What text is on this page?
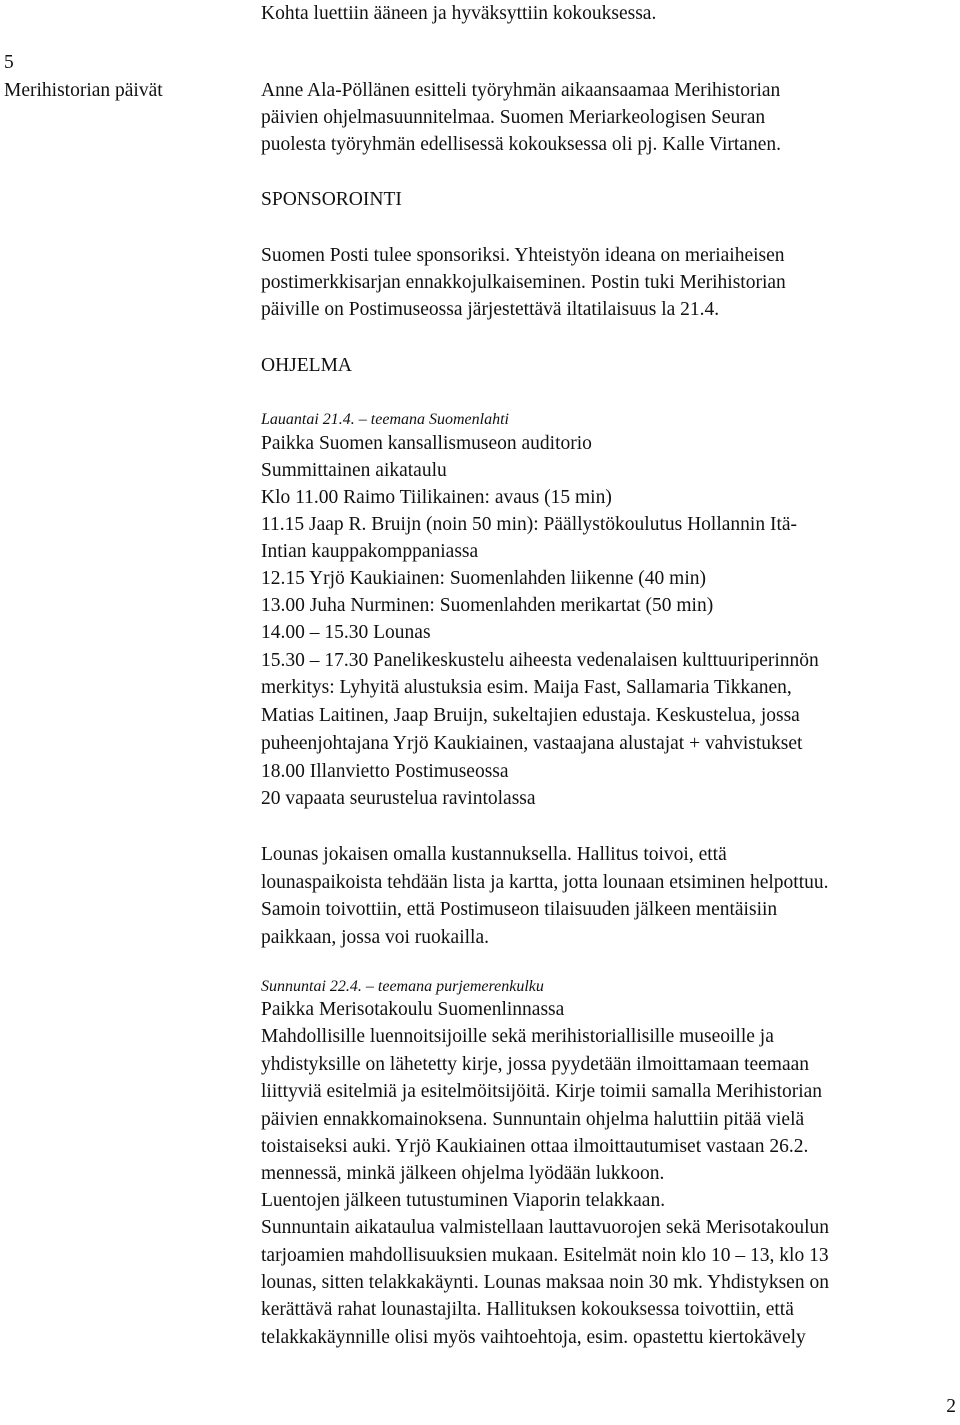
Kohta luettiin ääneen ja hyväksyttiin kokouksessa.
5
Merihistorian päivät	Anne Ala-Pöllänen esitteli työryhmän aikaansaamaa Merihistorian
päivien ohjelmasuunnitelmaa. Suomen Meriarkeologisen Seuran
puolesta työryhmän edellisessä kokouksessa oli pj. Kalle Virtanen.
SPONSOROINTI
Suomen Posti tulee sponsoriksi. Yhteistyön ideana on meriaiheisen
postimerkkisarjan ennakkojulkaiseminen. Postin tuki Merihistorian
päiville on Postimuseossa järjestettävä iltatilaisuus la 21.4.
OHJELMA
Lauantai 21.4. – teemana Suomenlahti
Paikka Suomen kansallismuseon auditorio
Summittainen aikataulu
Klo 11.00 Raimo Tiilikainen: avaus (15 min)
11.15 Jaap R. Bruijn (noin 50 min): Päällystökoulutus Hollannin Itä-
Intian kauppakomppaniassa
12.15 Yrjö Kaukiainen: Suomenlahden liikenne (40 min)
13.00 Juha Nurminen: Suomenlahden merikartat (50 min)
14.00 – 15.30 Lounas
15.30 – 17.30 Panelikeskustelu aiheesta vedenalaisen kulttuuriperinnön
merkitys: Lyhyitä alustuksia esim. Maija Fast, Sallamaria Tikkanen,
Matias Laitinen, Jaap Bruijn, sukeltajien edustaja. Keskustelua, jossa
puheenjohtajana Yrjö Kaukiainen, vastaajana alustajat + vahvistukset
18.00 Illanvietto Postimuseossa
20 vapaata seurustelua ravintolassa
Lounas jokaisen omalla kustannuksella. Hallitus toivoi, että
lounaspaikoista tehdään lista ja kartta, jotta lounaan etsiminen helpottuu.
Samoin toivottiin, että Postimuseon tilaisuuden jälkeen mentäisiin
paikkaan, jossa voi ruokailla.
Sunnuntai 22.4. – teemana purjemerenkulku
Paikka Merisotakoulu Suomenlinnassa
Mahdollisille luennoitsijoille sekä merihistoriallisille museoille ja
yhdistyksille on lähetetty kirje, jossa pyydetään ilmoittamaan teemaan
liittyviä esitelmiä ja esitelmöitsijöitä. Kirje toimii samalla Merihistorian
päivien ennakkomainoksena. Sunnuntain ohjelma haluttiin pitää vielä
toistaiseksi auki. Yrjö Kaukiainen ottaa ilmoittautumiset vastaan 26.2.
mennessä, minkä jälkeen ohjelma lyödään lukkoon.
Luentojen jälkeen tutustuminen Viaporin telakkaan.
Sunnuntain aikataulua valmistellaan lauttavuorojen sekä Merisotakoulun
tarjoamien mahdollisuuksien mukaan. Esitelmät noin klo 10 – 13, klo 13
lounas, sitten telakkakäynti. Lounas maksaa noin 30 mk. Yhdistyksen on
kerättävä rahat lounastajilta. Hallituksen kokouksessa toivottiin, että
telakkakäynnille olisi myös vaihtoehtoja, esim. opastettu kiertokävely
2
